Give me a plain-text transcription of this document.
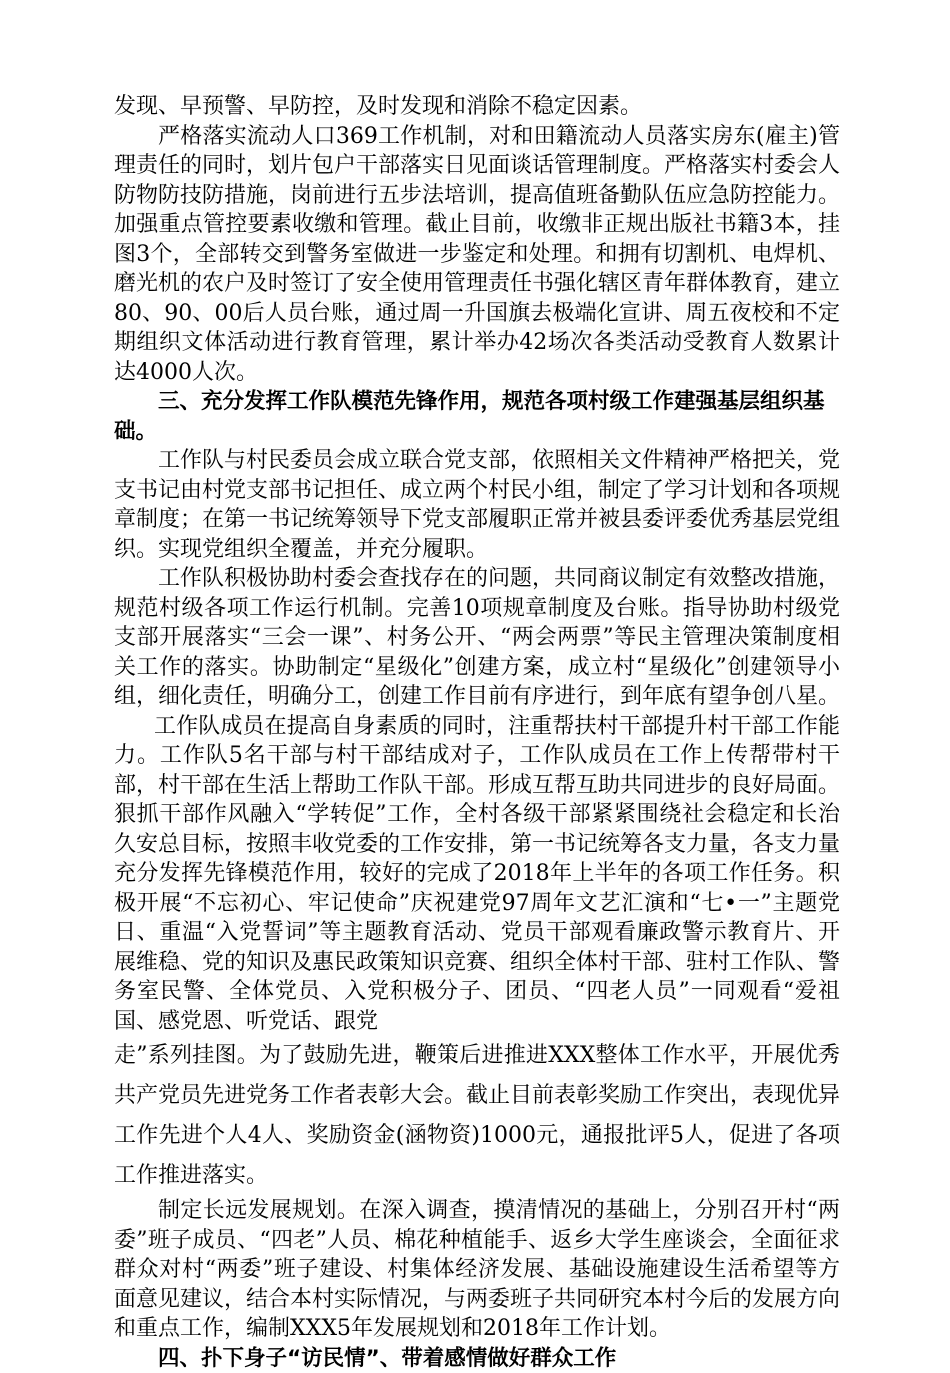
发现、早预警、早防控，及时发现和消除不稳定因素。

严格落实流动人口369工作机制，对和田籍流动人员落实房东(雇主)管理责任的同时，划片包户干部落实日见面谈话管理制度。严格落实村委会人防物防技防措施，岗前进行五步法培训，提高值班备勤队伍应急防控能力。加强重点管控要素收缴和管理。截止目前，收缴非正规出版社书籍3本，挂图3个，全部转交到警务室做进一步鉴定和处理。和拥有切割机、电焊机、磨光机的农户及时签订了安全使用管理责任书强化辖区青年群体教育，建立80、90、00后人员台账，通过周一升国旗去极端化宣讲、周五夜校和不定期组织文体活动进行教育管理，累计举办42场次各类活动受教育人数累计达4000人次。

三、充分发挥工作队模范先锋作用，规范各项村级工作建强基层组织基础。

工作队与村民委员会成立联合党支部，依照相关文件精神严格把关，党支书记由村党支部书记担任、成立两个村民小组，制定了学习计划和各项规章制度；在第一书记统筹领导下党支部履职正常并被县委评委优秀基层党组织。实现党组织全覆盖，并充分履职。

工作队积极协助村委会查找存在的问题，共同商议制定有效整改措施，规范村级各项工作运行机制。完善10项规章制度及台账。指导协助村级党支部开展落实“三会一课”、村务公开、“两会两票”等民主管理决策制度相关工作的落实。协助制定“星级化”创建方案，成立村“星级化”创建领导小组，细化责任，明确分工，创建工作目前有序进行，到年底有望争创八星。

工作队成员在提高自身素质的同时，注重帮扶村干部提升村干部工作能力。工作队5名干部与村干部结成对子，工作队成员在工作上传帮带村干部，村干部在生活上帮助工作队干部。形成互帮互助共同进步的良好局面。狠抓干部作风融入“学转促”工作，全村各级干部紧紧围绕社会稳定和长治久安总目标，按照丰收党委的工作安排，第一书记统筹各支力量，各支力量充分发挥先锋模范作用，较好的完成了2018年上半年的各项工作任务。积极开展“不忘初心、牢记使命”庆祝建党97周年文艺汇演和“七•一”主题党日、重温“入党誓词”等主题教育活动、党员干部观看廉政警示教育片、开展维稳、党的知识及惠民政策知识竞赛、组织全体村干部、驻村工作队、警务室民警、全体党员、入党积极分子、团员、“四老人员”一同观看“爱祖国、感党恩、听党话、跟党

走”系列挂图。为了鼓励先进，鞭策后进推进XXX整体工作水平，开展优秀共产党员先进党务工作者表彰大会。截止目前表彰奖励工作突出，表现优异工作先进个人4人、奖励资金(涵物资)1000元，通报批评5人，促进了各项工作推进落实。

制定长远发展规划。在深入调查，摸清情况的基础上，分别召开村“两委”班子成员、“四老”人员、棉花种植能手、返乡大学生座谈会，全面征求群众对村“两委”班子建设、村集体经济发展、基础设施建设生活希望等方面意见建议，结合本村实际情况，与两委班子共同研究本村今后的发展方向和重点工作，编制XXX5年发展规划和2018年工作计划。

四、扑下身子“访民情”、带着感情做好群众工作
